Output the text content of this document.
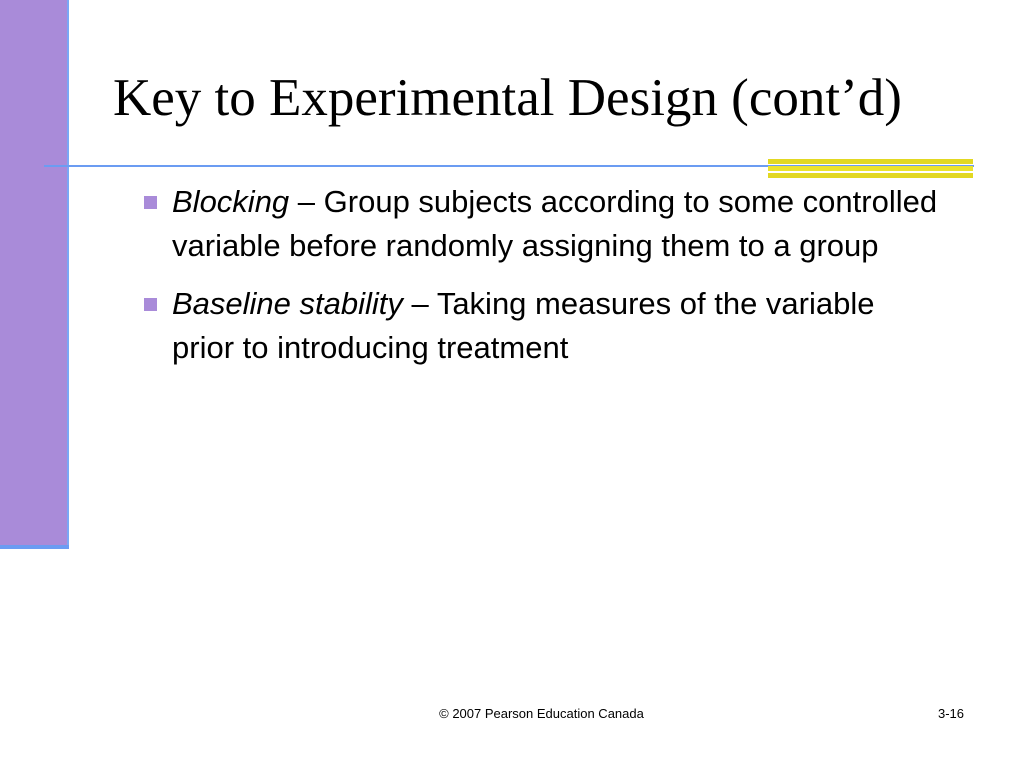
Key to Experimental Design (cont’d)
Blocking – Group subjects according to some controlled variable before randomly assigning them to a group
Baseline stability – Taking measures of the variable prior to introducing treatment
© 2007 Pearson Education Canada	3-16
